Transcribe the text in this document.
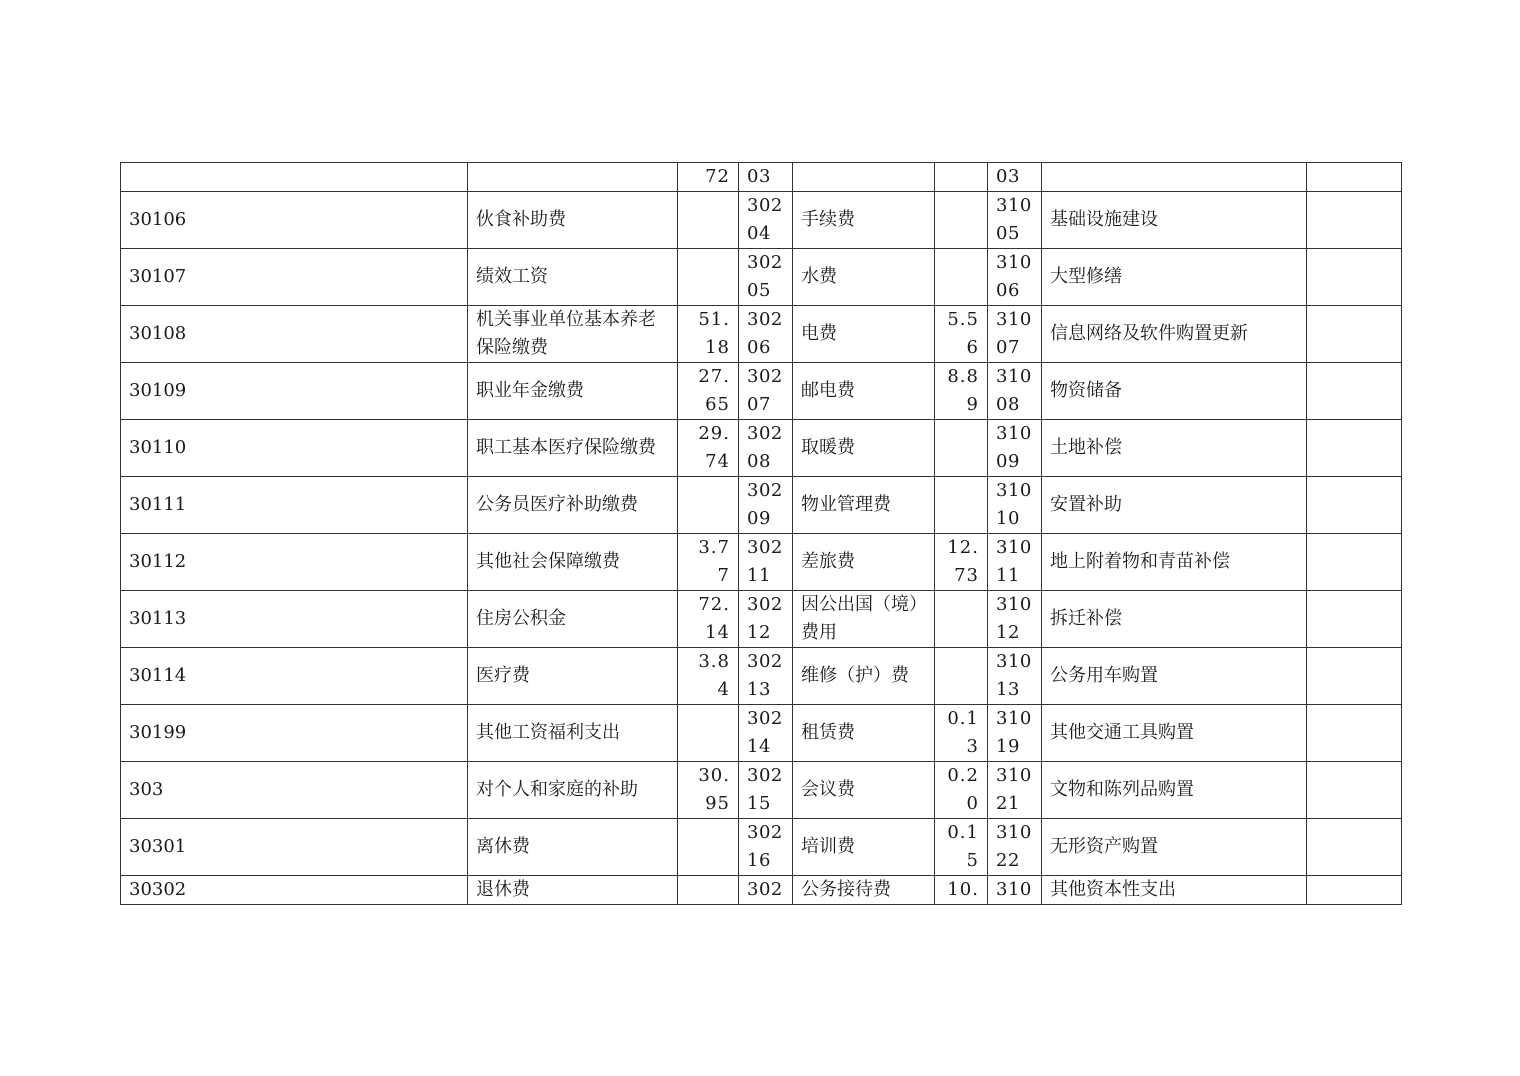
		72	03			03		
30106	伙食补助费		30204	手续费		31005	基础设施建设	
30107	绩效工资		30205	水费		31006	大型修缮	
30108	机关事业单位基本养老保险缴费	51.18	30206	电费	5.56	31007	信息网络及软件购置更新	
30109	职业年金缴费	27.65	30207	邮电费	8.89	31008	物资储备	
30110	职工基本医疗保险缴费	29.74	30208	取暖费		31009	土地补偿	
30111	公务员医疗补助缴费		30209	物业管理费		31010	安置补助	
30112	其他社会保障缴费	3.77	30211	差旅费	12.73	31011	地上附着物和青苗补偿	
30113	住房公积金	72.14	30212	因公出国（境）费用		31012	拆迁补偿	
30114	医疗费	3.84	30213	维修（护）费		31013	公务用车购置	
30199	其他工资福利支出		30214	租赁费	0.13	31019	其他交通工具购置	
303	对个人和家庭的补助	30.95	30215	会议费	0.20	31021	文物和陈列品购置	
30301	离休费		30216	培训费	0.15	31022	无形资产购置	
30302	退休费		302	公务接待费	10.	310	其他资本性支出	
